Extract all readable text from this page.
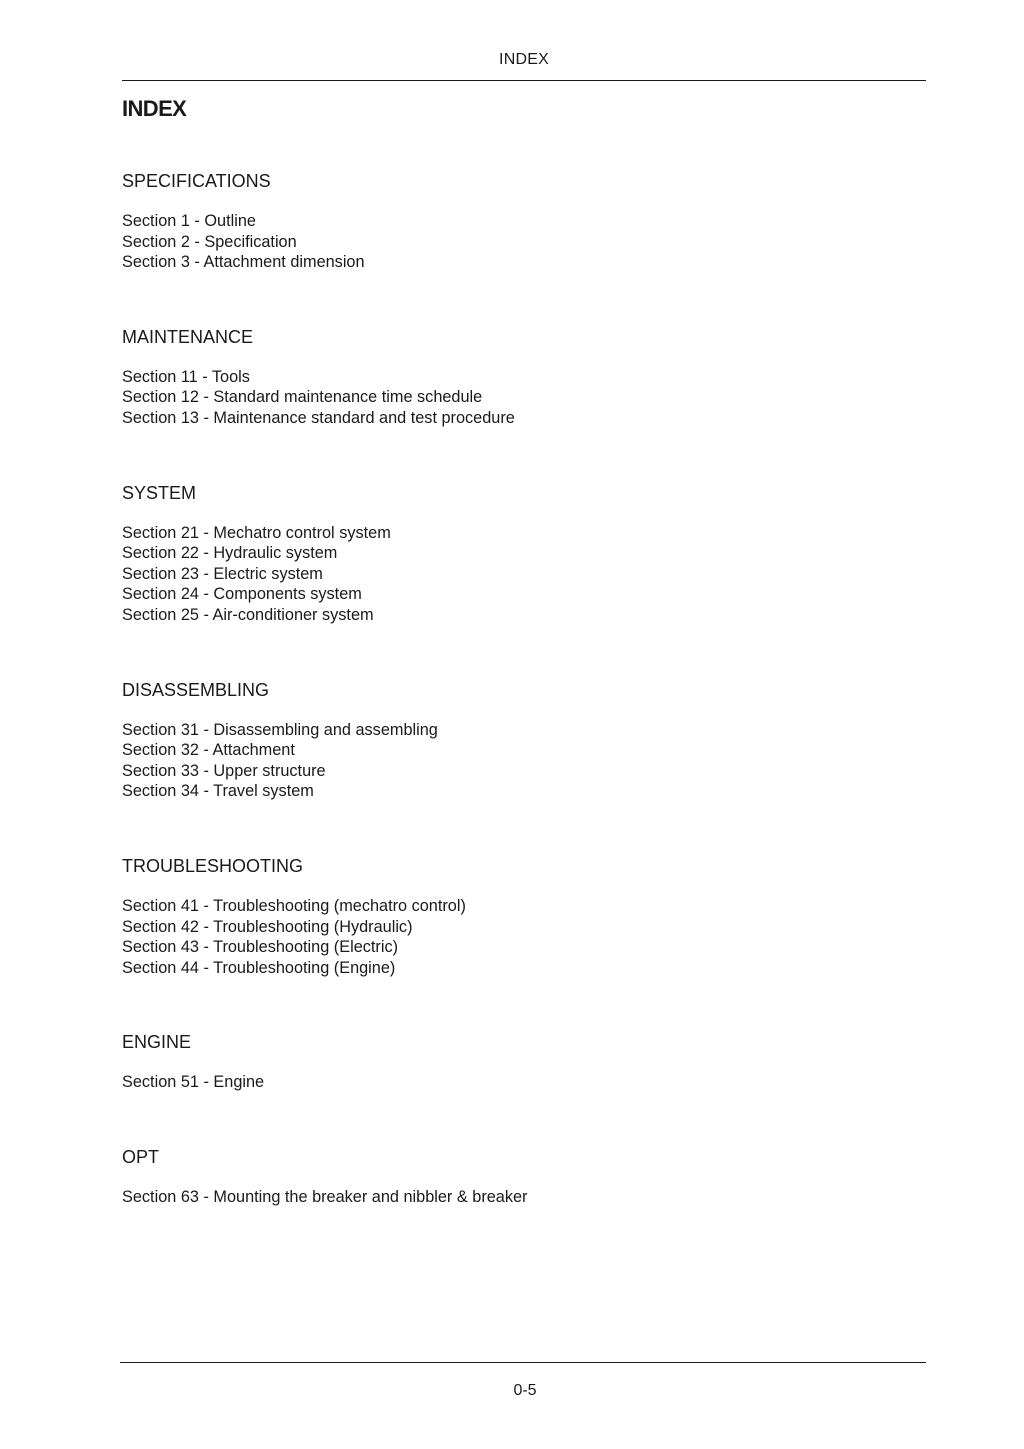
INDEX
INDEX
SPECIFICATIONS
Section 1 - Outline
Section 2 - Specification
Section 3 - Attachment dimension
MAINTENANCE
Section 11 - Tools
Section 12 - Standard maintenance time schedule
Section 13 - Maintenance standard and test procedure
SYSTEM
Section 21 - Mechatro control system
Section 22 - Hydraulic system
Section 23 - Electric system
Section 24 - Components system
Section 25 - Air-conditioner system
DISASSEMBLING
Section 31 - Disassembling and assembling
Section 32 - Attachment
Section 33 - Upper structure
Section 34 - Travel system
TROUBLESHOOTING
Section 41 - Troubleshooting (mechatro control)
Section 42 - Troubleshooting (Hydraulic)
Section 43 - Troubleshooting (Electric)
Section 44 - Troubleshooting (Engine)
ENGINE
Section 51 - Engine
OPT
Section 63 - Mounting the breaker and nibbler & breaker
0-5
